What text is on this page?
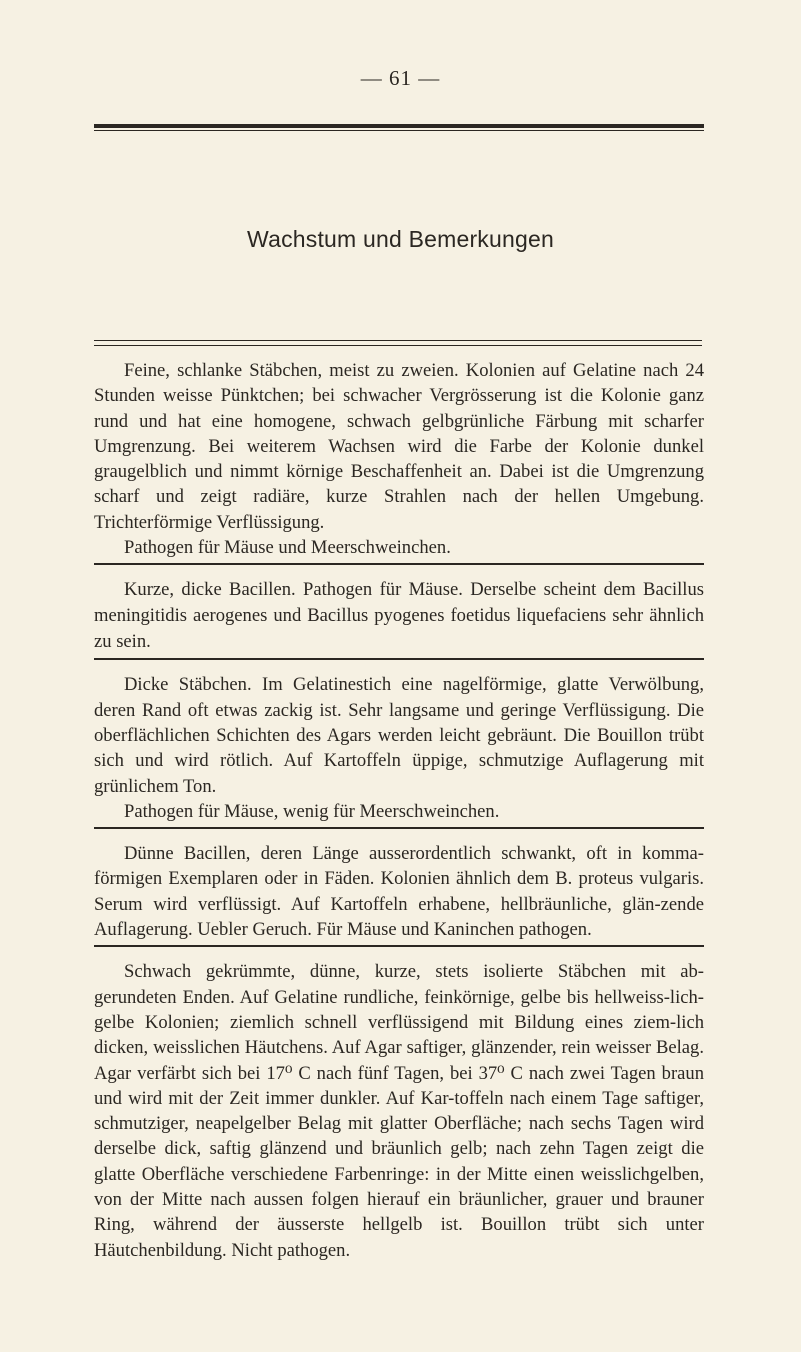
— 61 —
Wachstum und Bemerkungen

Feine, schlanke Stäbchen, meist zu zweien. Kolonien auf Gelatine nach 24 Stunden weisse Pünktchen; bei schwacher Vergrösserung ist die Kolonie ganz rund und hat eine homogene, schwach gelbgrünliche Färbung mit scharfer Umgrenzung. Bei weiterem Wachsen wird die Farbe der Kolonie dunkel graugelblich und nimmt körnige Beschaffenheit an. Dabei ist die Umgrenzung scharf und zeigt radiäre, kurze Strahlen nach der hellen Umgebung. Trichterförmige Verflüssigung.

Pathogen für Mäuse und Meerschweinchen.

Kurze, dicke Bacillen. Pathogen für Mäuse. Derselbe scheint dem Bacillus meningitidis aerogenes und Bacillus pyogenes foetidus liquefaciens sehr ähnlich zu sein.

Dicke Stäbchen. Im Gelatinestich eine nagelförmige, glatte Verwölbung, deren Rand oft etwas zackig ist. Sehr langsame und geringe Verflüssigung. Die oberflächlichen Schichten des Agars werden leicht gebräunt. Die Bouillon trübt sich und wird rötlich. Auf Kartoffeln üppige, schmutzige Auflagerung mit grünlichem Ton.

Pathogen für Mäuse, wenig für Meerschweinchen.

Dünne Bacillen, deren Länge ausserordentlich schwankt, oft in komma-förmigen Exemplaren oder in Fäden. Kolonien ähnlich dem B. proteus vulgaris. Serum wird verflüssigt. Auf Kartoffeln erhabene, hellbräunliche, glän-zende Auflagerung. Uebler Geruch. Für Mäuse und Kaninchen pathogen.

Schwach gekrümmte, dünne, kurze, stets isolierte Stäbchen mit ab-gerundeten Enden. Auf Gelatine rundliche, feinkörnige, gelbe bis hellweiss-lich-gelbe Kolonien; ziemlich schnell verflüssigend mit Bildung eines ziem-lich dicken, weisslichen Häutchens. Auf Agar saftiger, glänzender, rein weisser Belag. Agar verfärbt sich bei 17⁰ C nach fünf Tagen, bei 37⁰ C nach zwei Tagen braun und wird mit der Zeit immer dunkler. Auf Kar-toffeln nach einem Tage saftiger, schmutziger, neapelgelber Belag mit glatter Oberfläche; nach sechs Tagen wird derselbe dick, saftig glänzend und bräunlich gelb; nach zehn Tagen zeigt die glatte Oberfläche verschiedene Farbenringe: in der Mitte einen weisslichgelben, von der Mitte nach aussen folgen hierauf ein bräunlicher, grauer und brauner Ring, während der äusserste hellgelb ist. Bouillon trübt sich unter Häutchenbildung. Nicht pathogen.
